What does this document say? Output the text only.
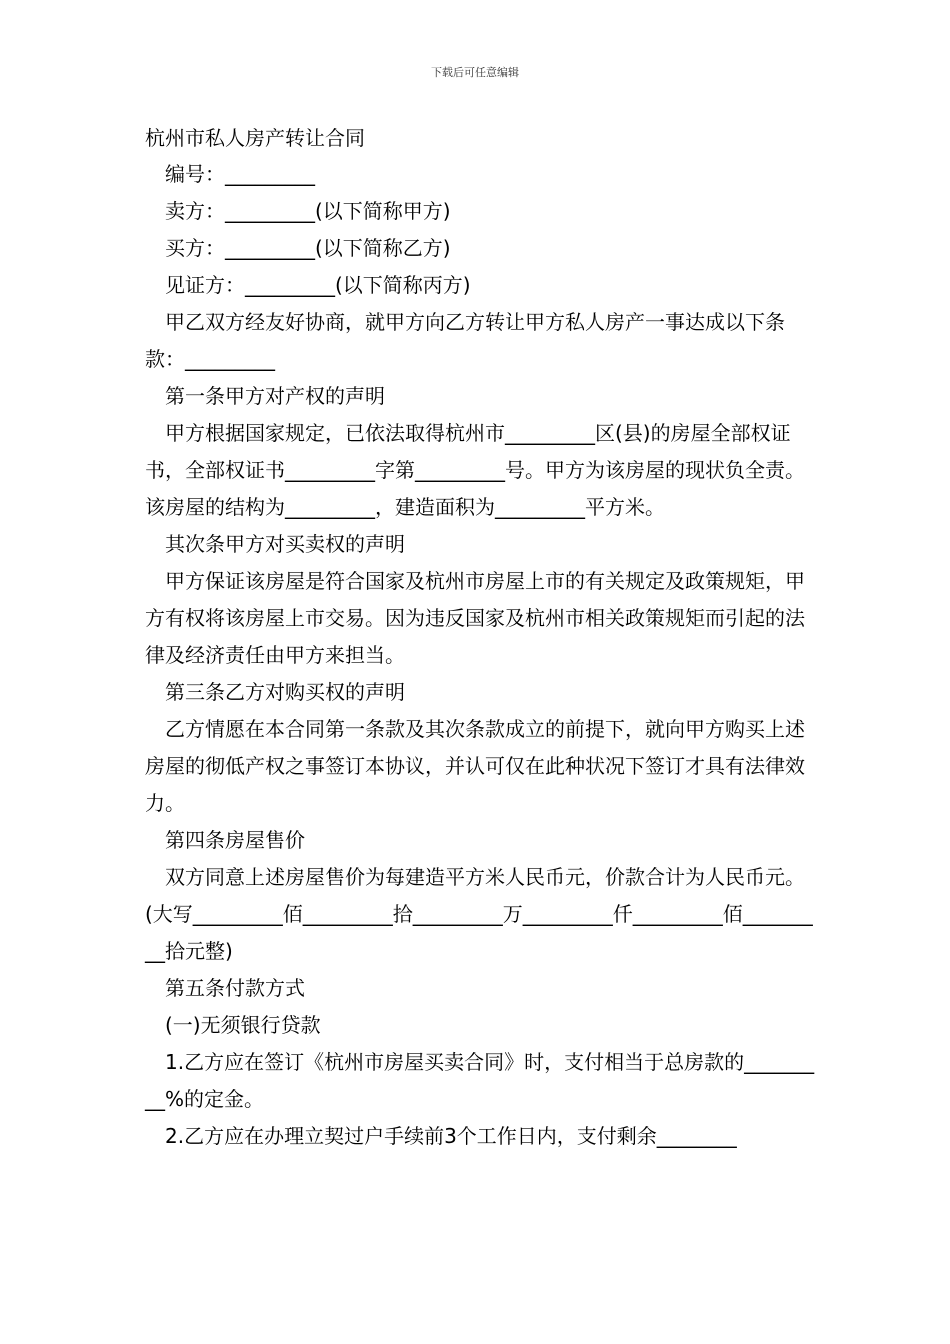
下载后可任意编辑
杭州市私人房产转让合同

编号：_________

卖方：_________(以下简称甲方)

买方：_________(以下简称乙方)

见证方：_________(以下简称丙方)

甲乙双方经友好协商，就甲方向乙方转让甲方私人房产一事达成以下条款：_________

第一条甲方对产权的声明

甲方根据国家规定，已依法取得杭州市_________区(县)的房屋全部权证书，全部权证书_________字第_________号。甲方为该房屋的现状负全责。该房屋的结构为_________，建造面积为_________平方米。

其次条甲方对买卖权的声明

甲方保证该房屋是符合国家及杭州市房屋上市的有关规定及政策规矩，甲方有权将该房屋上市交易。因为违反国家及杭州市相关政策规矩而引起的法律及经济责任由甲方来担当。

第三条乙方对购买权的声明

乙方情愿在本合同第一条款及其次条款成立的前提下，就向甲方购买上述房屋的彻低产权之事签订本协议，并认可仅在此种状况下签订才具有法律效力。

第四条房屋售价

双方同意上述房屋售价为每建造平方米人民币元，价款合计为人民币元。(大写_________佰_________拾_________万_________仟_________佰_________拾元整)

第五条付款方式

(一)无须银行贷款

1.乙方应在签订《杭州市房屋买卖合同》时，支付相当于总房款的_________%的定金。

2.乙方应在办理立契过户手续前3个工作日内，支付剩余________
